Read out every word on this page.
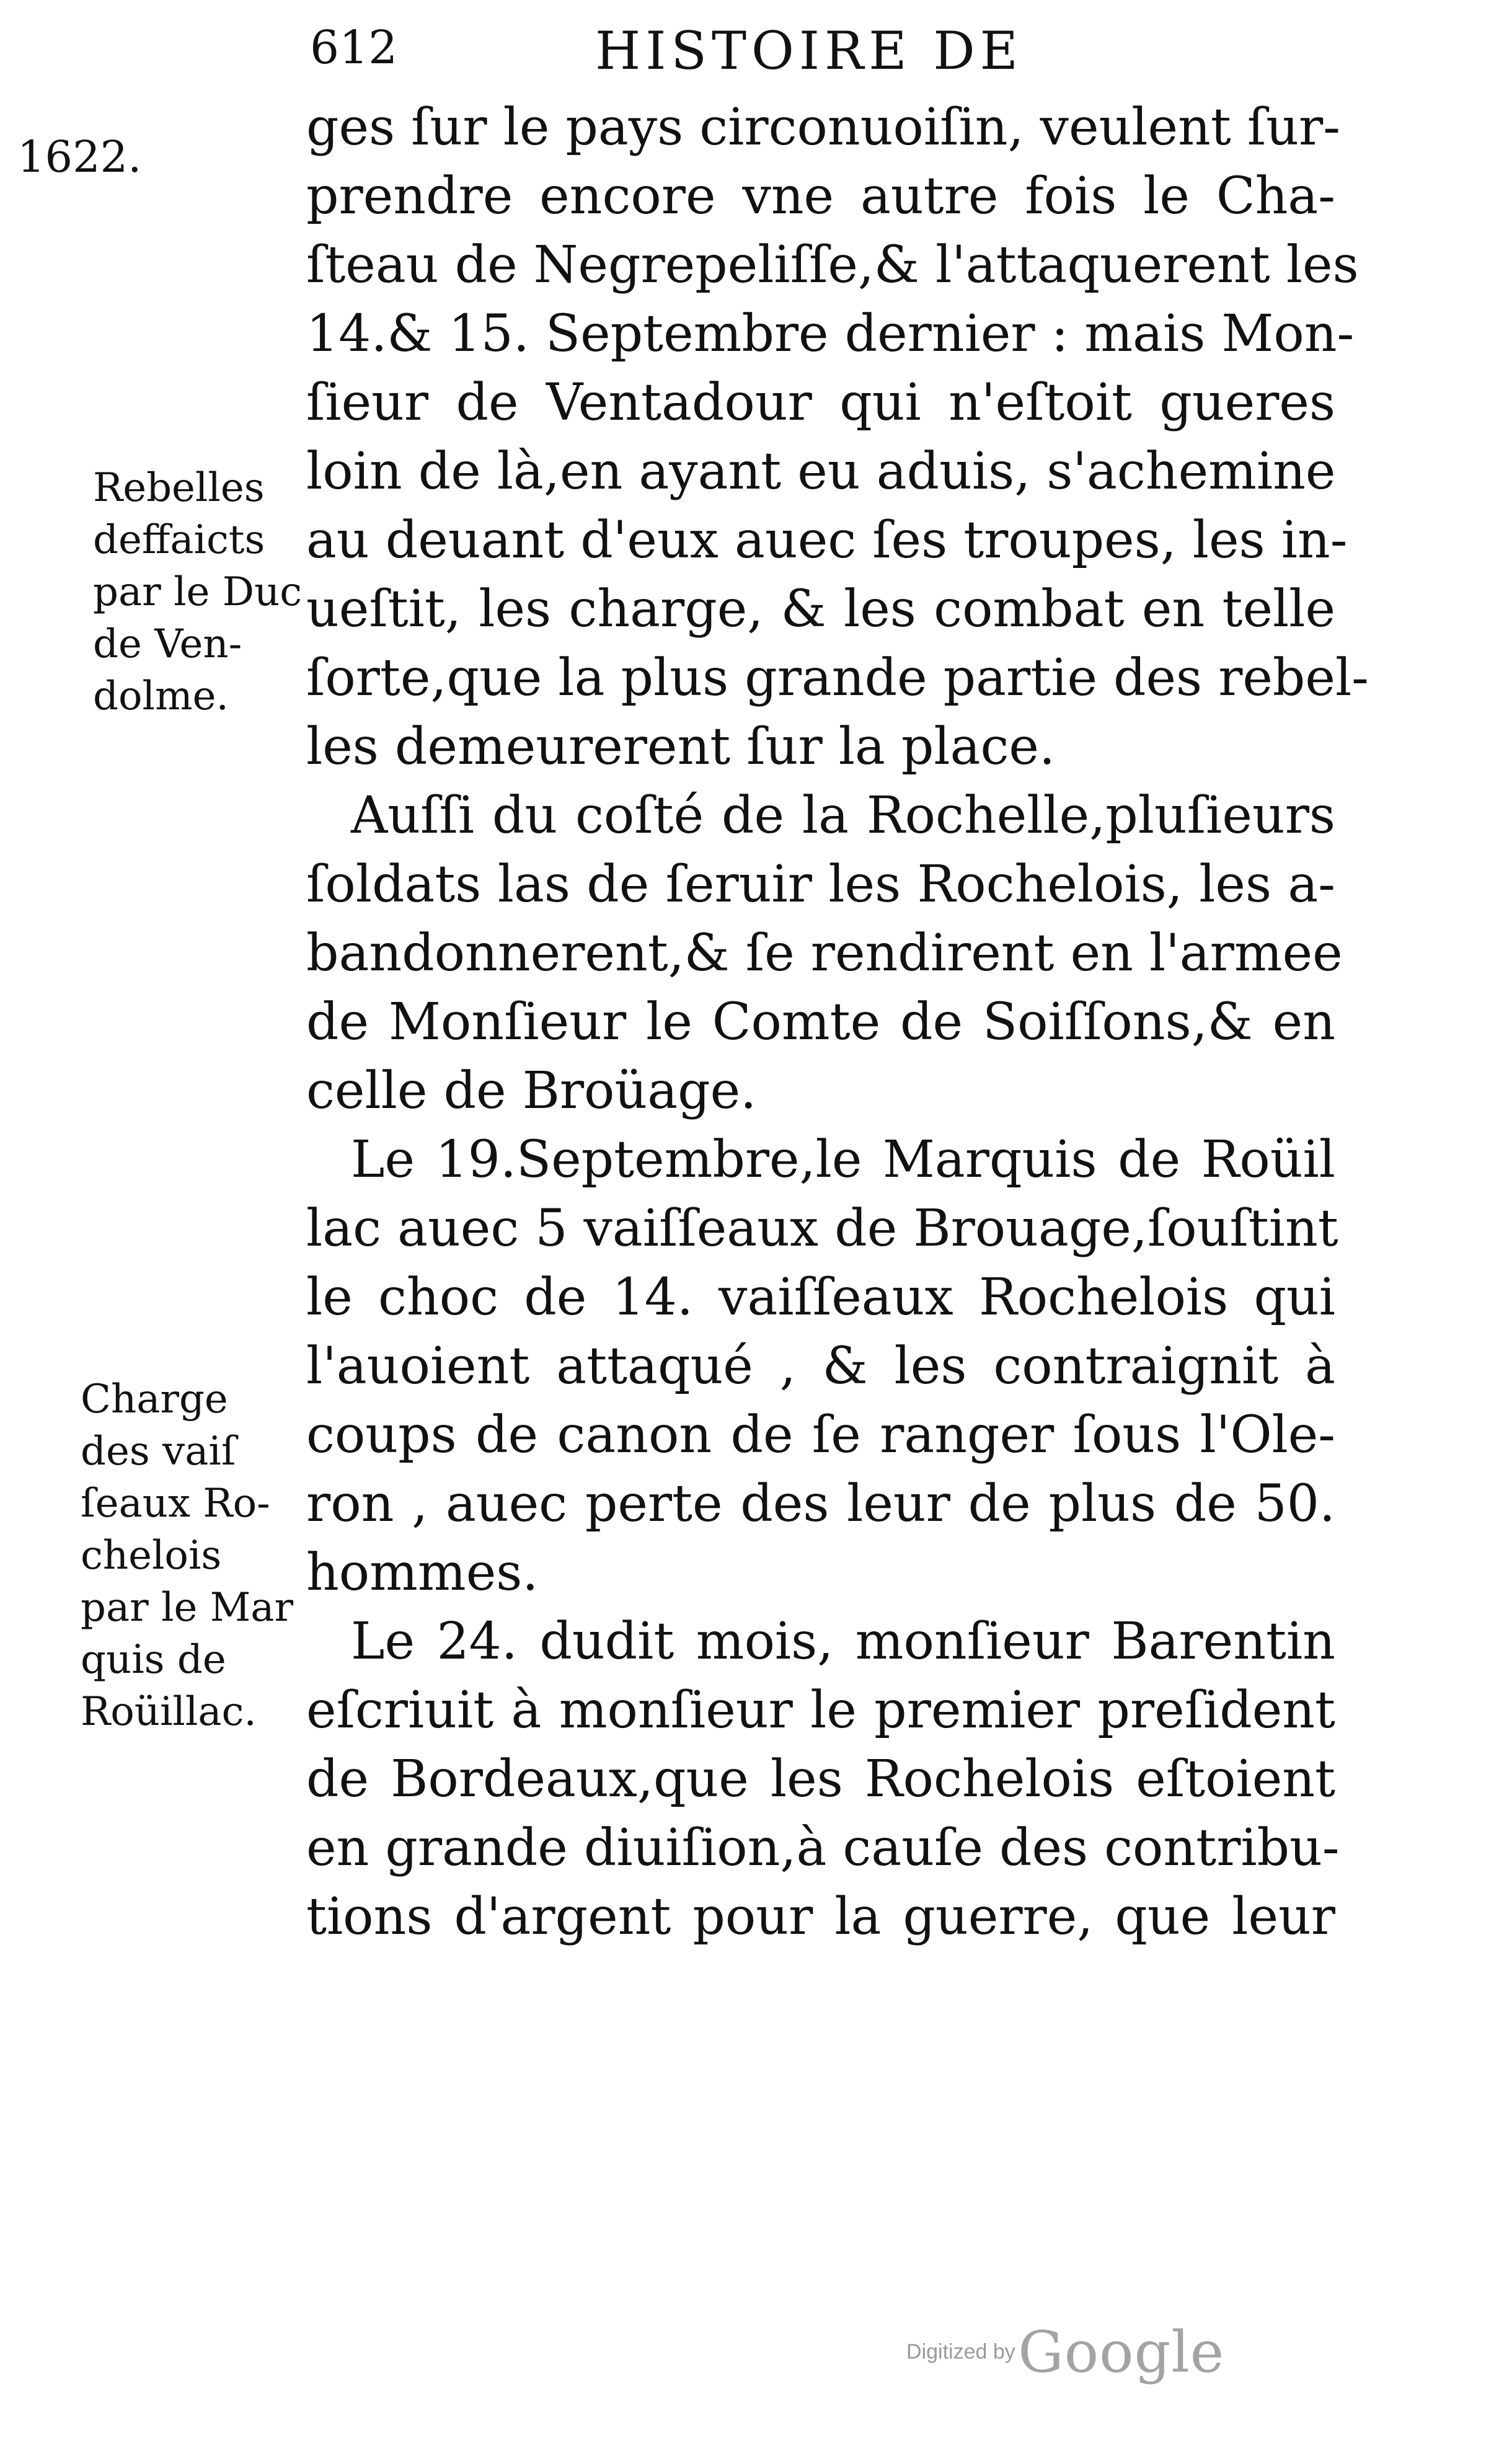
612	HISTOIRE DE
1622.	ges ſur le pays circonuoiſin, veulent ſur-
prendre encore vne autre fois le Cha-
ſteau de Negrepeliſſe,& l'attaquerent les
14.& 15. Septembre dernier : mais Mon-
ſieur de Ventadour qui n'eſtoit gueres
loin de là,en ayant eu aduis, s'achemine
au deuant d'eux auec ſes troupes, les in-
ueſtit, les charge, & les combat en telle
ſorte,que la plus grande partie des rebel-
les demeurerent ſur la place.
Auſſi du coſté de la Rochelle,pluſieurs
ſoldats las de ſeruir les Rochelois, les a-
bandonnerent,& ſe rendirent en l'armee
de Monſieur le Comte de Soiſſons,& en
celle de Broüage.
Le 19.Septembre,le Marquis de Roüil
lac auec 5 vaiſſeaux de Brouage,ſouſtint
le choc de 14. vaiſſeaux Rochelois qui
l'auoient attaqué , & les contraignit à
coups de canon de ſe ranger ſous l'Ole-
ron , auec perte des leur de plus de 50.
hommes.
Le 24. dudit mois, monſieur Barentin
eſcriuit à monſieur le premier preſident
de Bordeaux,que les Rochelois eſtoient
en grande diuiſion,à cauſe des contribu-
tions d'argent pour la guerre, que leur
Rebelles
deffaicts
par le Duc
de Ven-
dolme.
Charge
des vaiſ
ſeaux Ro-
chelois
par le Mar
quis de
Roüillac.
Digitized by Google
